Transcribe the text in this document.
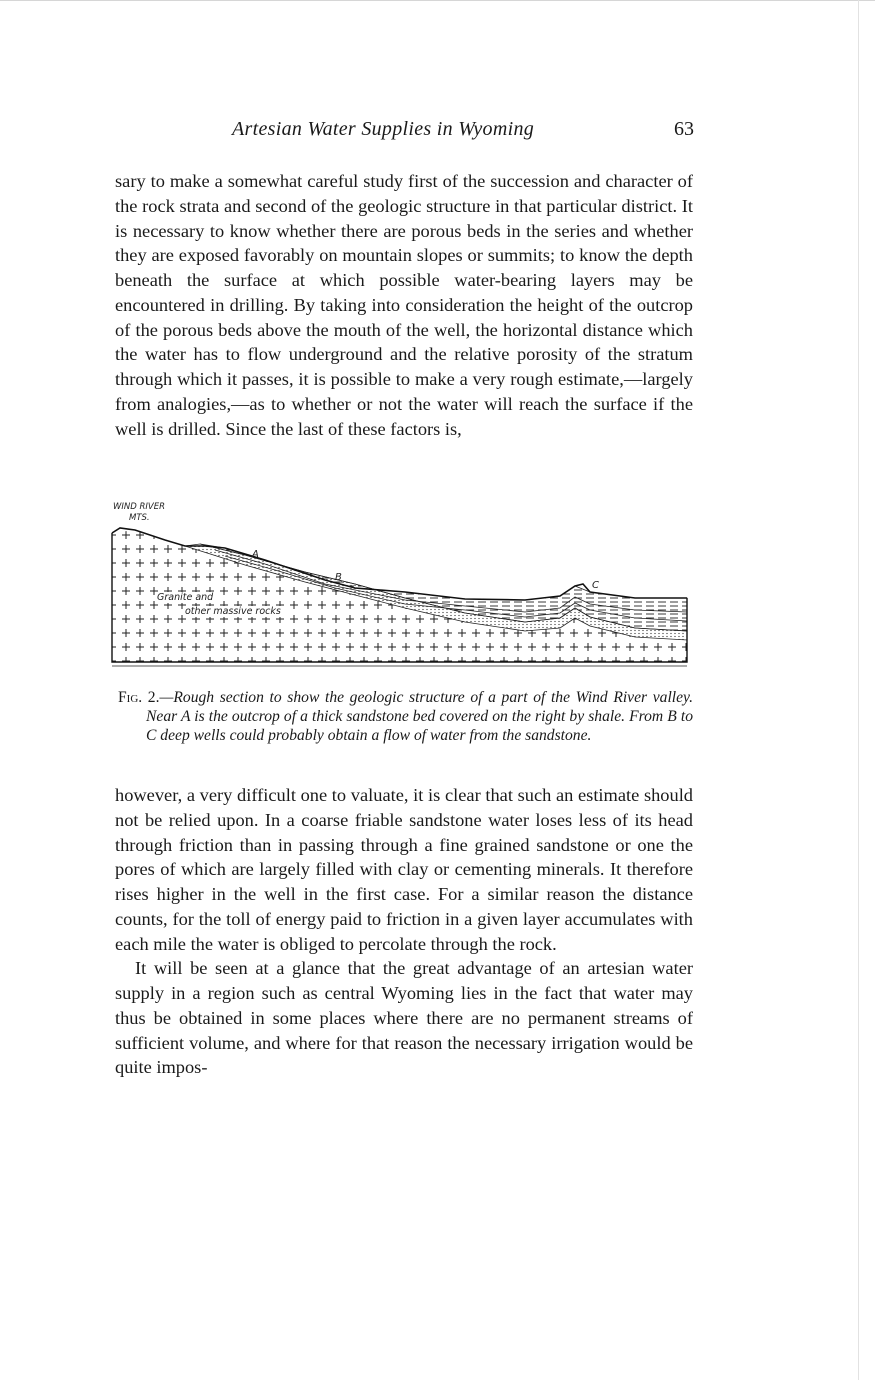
Artesian Water Supplies in Wyoming	63

sary to make a somewhat careful study first of the succession and character of the rock strata and second of the geologic structure in that particular district. It is necessary to know whether there are porous beds in the series and whether they are exposed favorably on mountain slopes or summits; to know the depth beneath the surface at which possible water-bearing layers may be encountered in drilling. By taking into consideration the height of the outcrop of the porous beds above the mouth of the well, the horizontal distance which the water has to flow underground and the relative porosity of the stratum through which it passes, it is possible to make a very rough estimate,—largely from analogies,—as to whether or not the water will reach the surface if the well is drilled. Since the last of these factors is,

WIND RIVER
MTS.
A
B
C
Granite and
other massive rocks
Fig. 2.—Rough section to show the geologic structure of a part of the Wind River valley. Near A is the outcrop of a thick sandstone bed covered on the right by shale. From B to C deep wells could probably obtain a flow of water from the sandstone.

however, a very difficult one to valuate, it is clear that such an estimate should not be relied upon. In a coarse friable sandstone water loses less of its head through friction than in passing through a fine grained sandstone or one the pores of which are largely filled with clay or cementing minerals. It therefore rises higher in the well in the first case. For a similar reason the distance counts, for the toll of energy paid to friction in a given layer accumulates with each mile the water is obliged to percolate through the rock.

It will be seen at a glance that the great advantage of an artesian water supply in a region such as central Wyoming lies in the fact that water may thus be obtained in some places where there are no permanent streams of sufficient volume, and where for that reason the necessary irrigation would be quite impos-
